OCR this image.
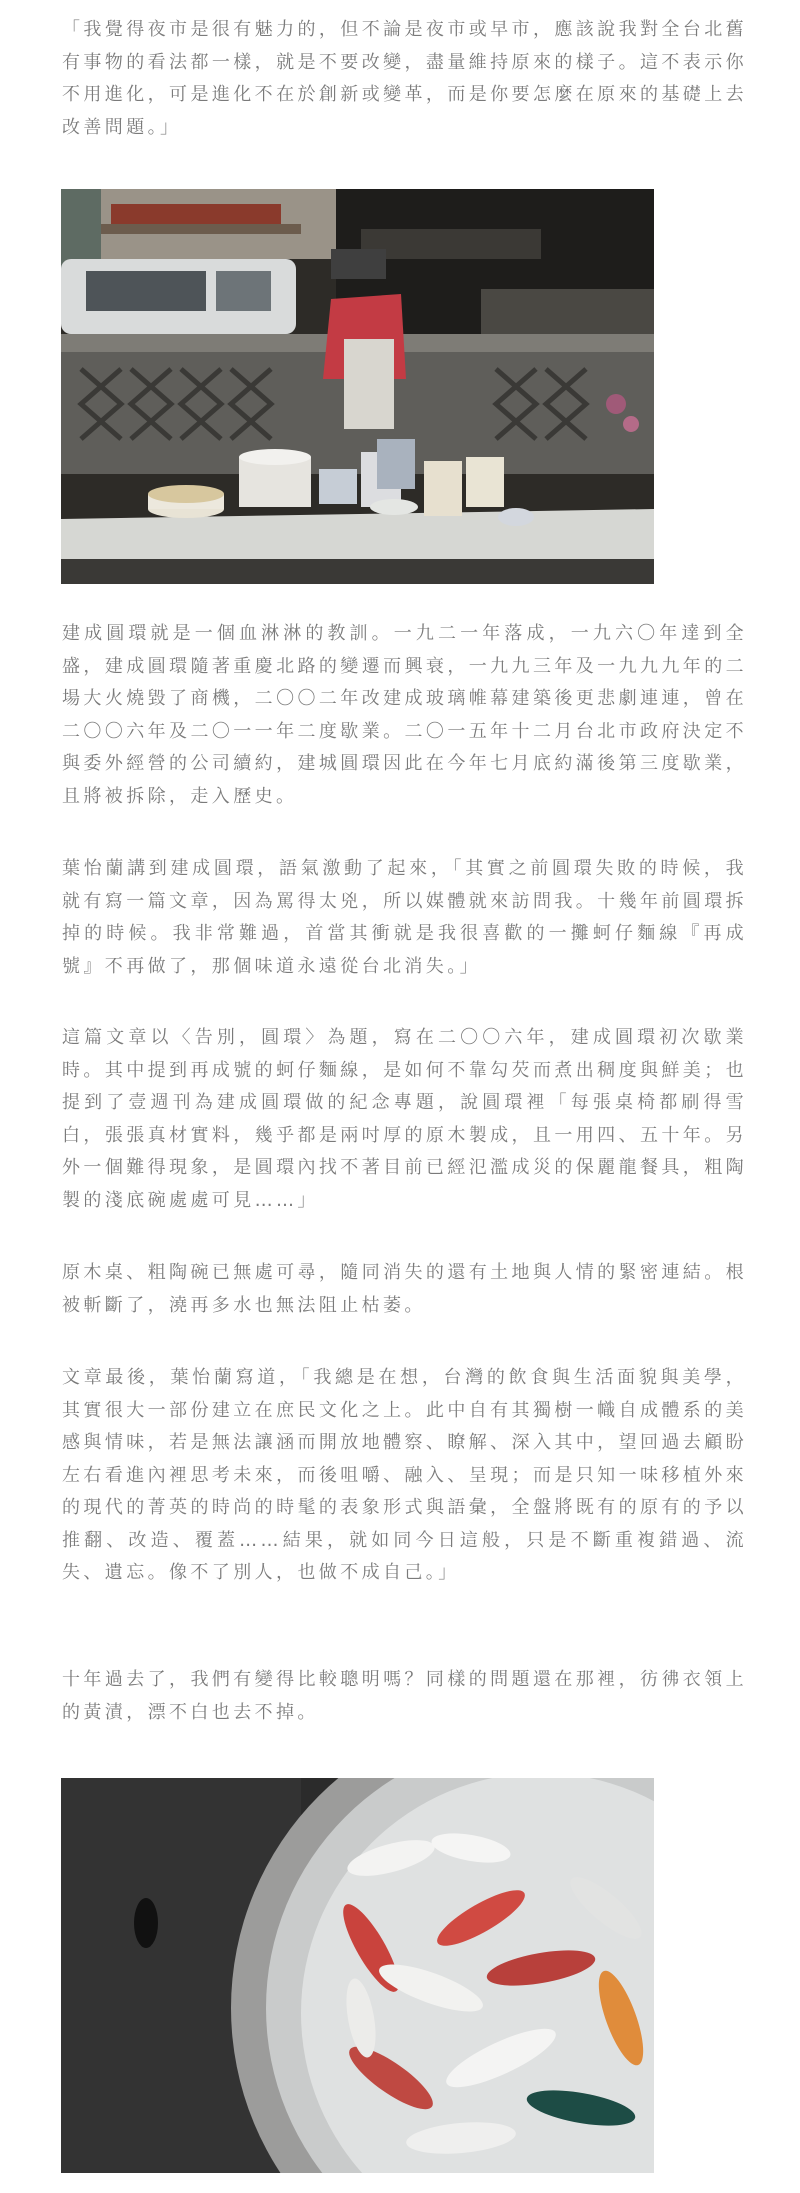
「我覺得夜市是很有魅力的，但不論是夜市或早市，應該說我對全台北舊有事物的看法都一樣，就是不要改變，盡量維持原來的樣子。這不表示你不用進化，可是進化不在於創新或變革，而是你要怎麼在原來的基礎上去改善問題。」

建成圓環就是一個血淋淋的教訓。一九二一年落成，一九六〇年達到全盛，建成圓環隨著重慶北路的變遷而興衰，一九九三年及一九九九年的二場大火燒毀了商機，二〇〇二年改建成玻璃帷幕建築後更悲劇連連，曾在二〇〇六年及二〇一一年二度歇業。二〇一五年十二月台北市政府決定不與委外經營的公司續約，建城圓環因此在今年七月底約滿後第三度歇業，且將被拆除，走入歷史。

葉怡蘭講到建成圓環，語氣激動了起來，「其實之前圓環失敗的時候，我就有寫一篇文章，因為罵得太兇，所以媒體就來訪問我。十幾年前圓環拆掉的時候。我非常難過，首當其衝就是我很喜歡的一攤蚵仔麵線『再成號』不再做了，那個味道永遠從台北消失。」

這篇文章以〈告別，圓環〉為題，寫在二〇〇六年，建成圓環初次歇業時。其中提到再成號的蚵仔麵線，是如何不靠勾芡而煮出稠度與鮮美；也提到了壹週刊為建成圓環做的紀念專題，說圓環裡「每張桌椅都刷得雪白，張張真材實料，幾乎都是兩吋厚的原木製成，且一用四、五十年。另外一個難得現象，是圓環內找不著目前已經氾濫成災的保麗龍餐具，粗陶製的淺底碗處處可見……」

原木桌、粗陶碗已無處可尋，隨同消失的還有土地與人情的緊密連結。根被斬斷了，澆再多水也無法阻止枯萎。

文章最後，葉怡蘭寫道，「我總是在想，台灣的飲食與生活面貌與美學，其實很大一部份建立在庶民文化之上。此中自有其獨樹一幟自成體系的美感與情味，若是無法讓涵而開放地體察、瞭解、深入其中，望回過去顧盼左右看進內裡思考未來，而後咀嚼、融入、呈現；而是只知一味移植外來的現代的菁英的時尚的時髦的表象形式與語彙，全盤將既有的原有的予以推翻、改造、覆蓋……結果，就如同今日這般，只是不斷重複錯過、流失、遺忘。像不了別人，也做不成自己。」

十年過去了，我們有變得比較聰明嗎？同樣的問題還在那裡，彷彿衣領上的黃漬，漂不白也去不掉。
